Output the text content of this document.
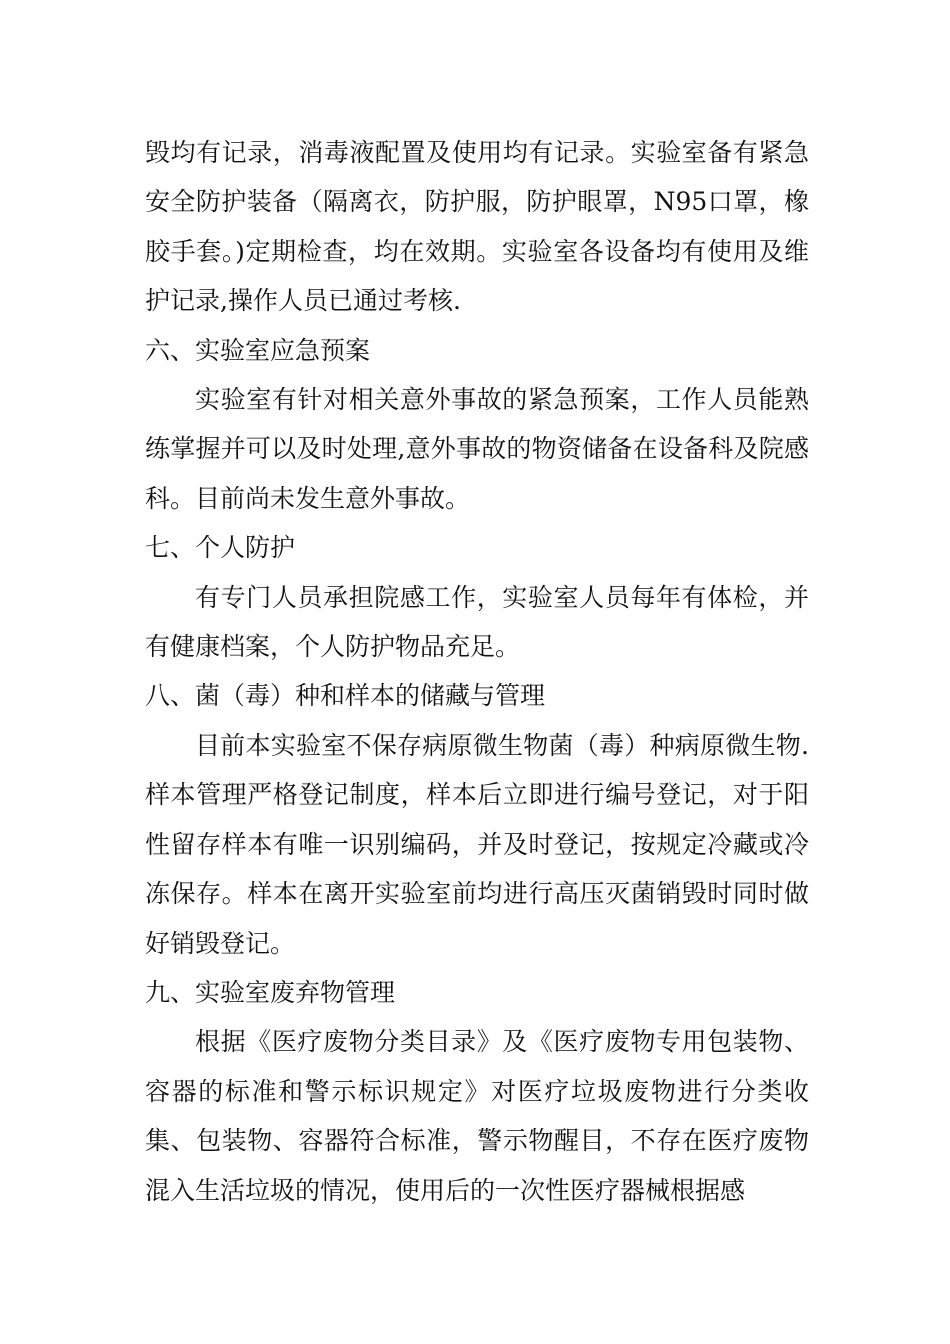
毁均有记录，消毒液配置及使用均有记录。实验室备有紧急安全防护装备（隔离衣，防护服，防护眼罩，N95口罩，橡胶手套。)定期检查，均在效期。实验室各设备均有使用及维护记录,操作人员已通过考核.

六、实验室应急预案

实验室有针对相关意外事故的紧急预案，工作人员能熟练掌握并可以及时处理,意外事故的物资储备在设备科及院感科。目前尚未发生意外事故。

七、个人防护

有专门人员承担院感工作，实验室人员每年有体检，并有健康档案，个人防护物品充足。

八、菌（毒）种和样本的储藏与管理

目前本实验室不保存病原微生物菌（毒）种病原微生物.样本管理严格登记制度，样本后立即进行编号登记，对于阳性留存样本有唯一识别编码，并及时登记，按规定冷藏或冷冻保存。样本在离开实验室前均进行高压灭菌销毁时同时做好销毁登记。

九、实验室废弃物管理

根据《医疗废物分类目录》及《医疗废物专用包装物、容器的标准和警示标识规定》对医疗垃圾废物进行分类收集、包装物、容器符合标准，警示物醒目，不存在医疗废物混入生活垃圾的情况，使用后的一次性医疗器械根据感
